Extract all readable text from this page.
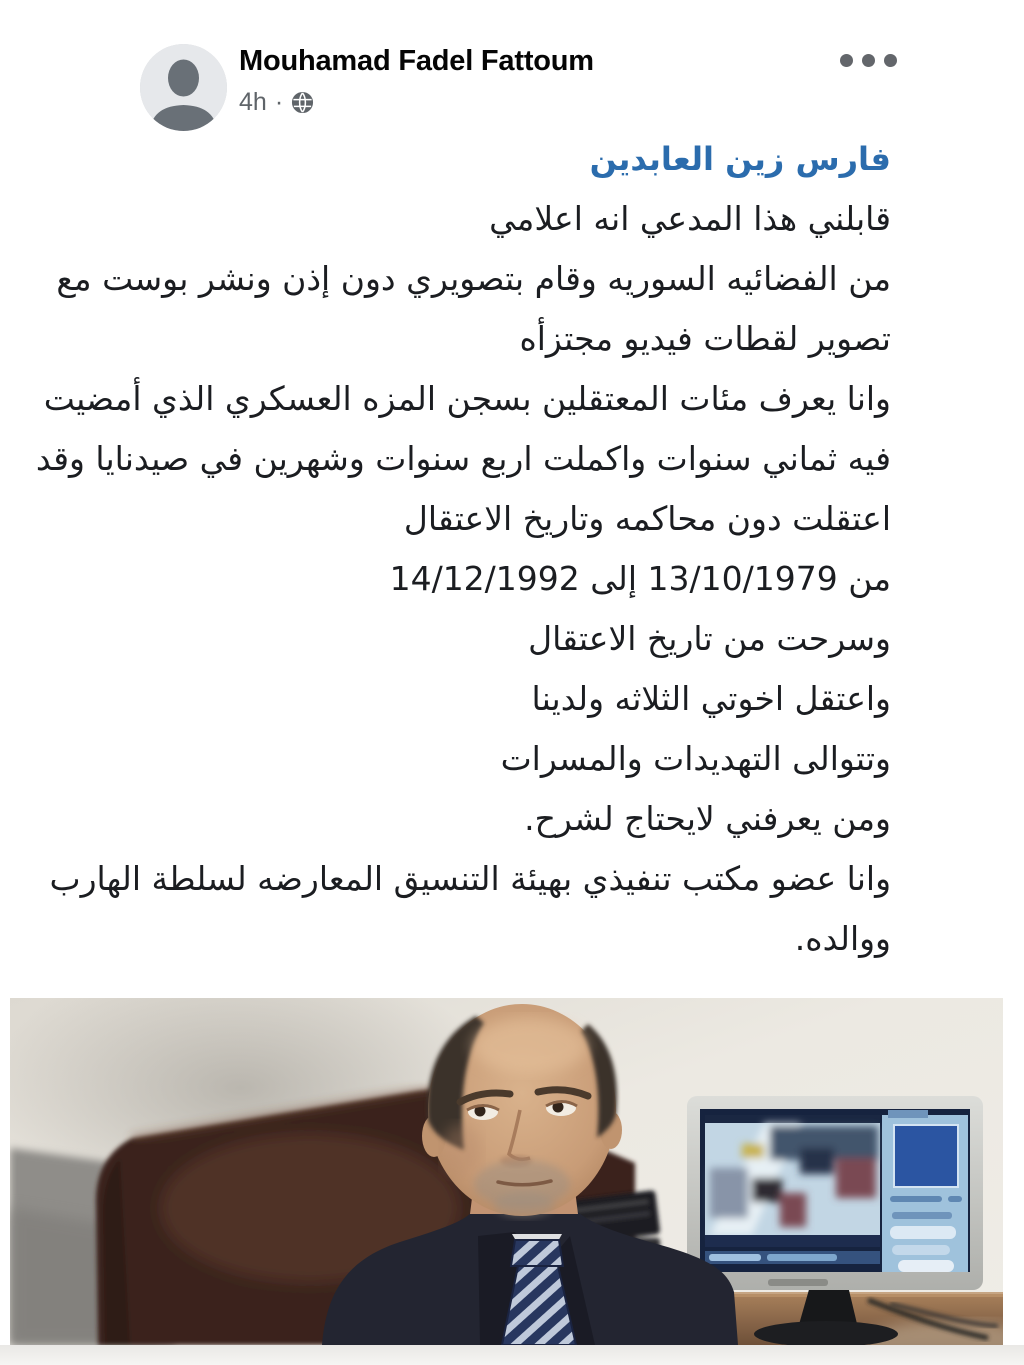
Mouhamad Fadel Fattoum
4h ·
فارس زين العابدين
قابلني هذا المدعي انه اعلامي
من الفضائيه السوريه وقام بتصويري دون إذن ونشر بوست مع
تصوير لقطات فيديو مجتزأه
وانا يعرف مئات المعتقلين بسجن المزه العسكري الذي أمضيت
فيه ثماني سنوات واكملت اربع سنوات وشهرين في صيدنايا وقد
اعتقلت دون محاكمه وتاريخ الاعتقال
من 13/10/1979 إلى 14/12/1992
وسرحت من تاريخ الاعتقال
واعتقل اخوتي الثلاثه ولدينا
وتتوالى التهديدات والمسرات
ومن يعرفني لايحتاج لشرح.
وانا عضو مكتب تنفيذي بهيئة التنسيق المعارضه لسلطة الهارب
ووالده.
